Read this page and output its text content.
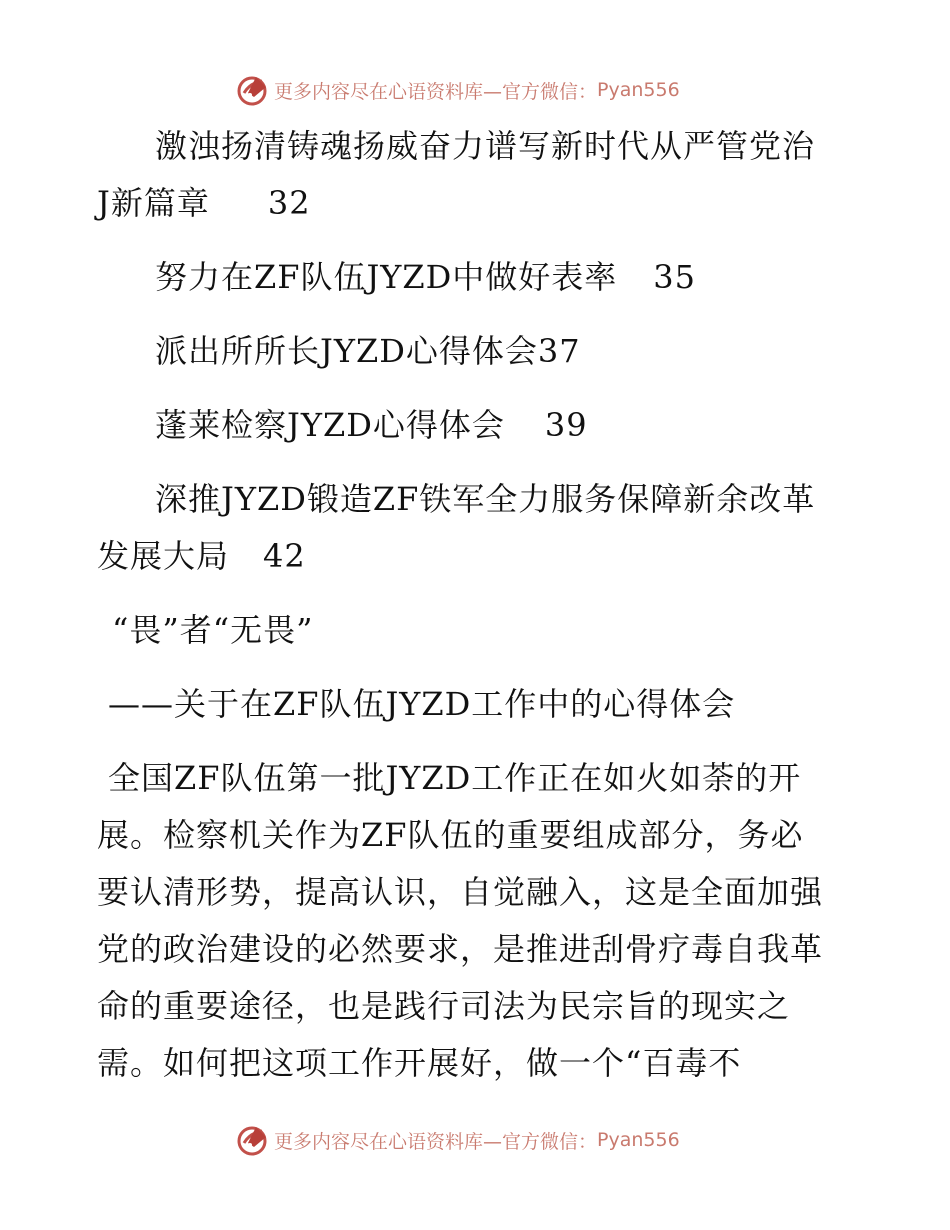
更多内容尽在心语资料库—官方微信： Pyan556
激浊扬清铸魂扬威奋力谱写新时代从严管党治
J新篇章 32
努力在ZF队伍JYZD中做好表率 35
派出所所长JYZD心得体会37
蓬莱检察JYZD心得体会 39
深推JYZD锻造ZF铁军全力服务保障新余改革
发展大局 42
“畏”者“无畏”
——关于在ZF队伍JYZD工作中的心得体会
全国ZF队伍第一批JYZD工作正在如火如荼的开
展。检察机关作为ZF队伍的重要组成部分，务必
要认清形势，提高认识，自觉融入，这是全面加强
党的政治建设的必然要求，是推进刮骨疗毒自我革
命的重要途径，也是践行司法为民宗旨的现实之
需。如何把这项工作开展好，做一个“百毒不
更多内容尽在心语资料库—官方微信： Pyan556
